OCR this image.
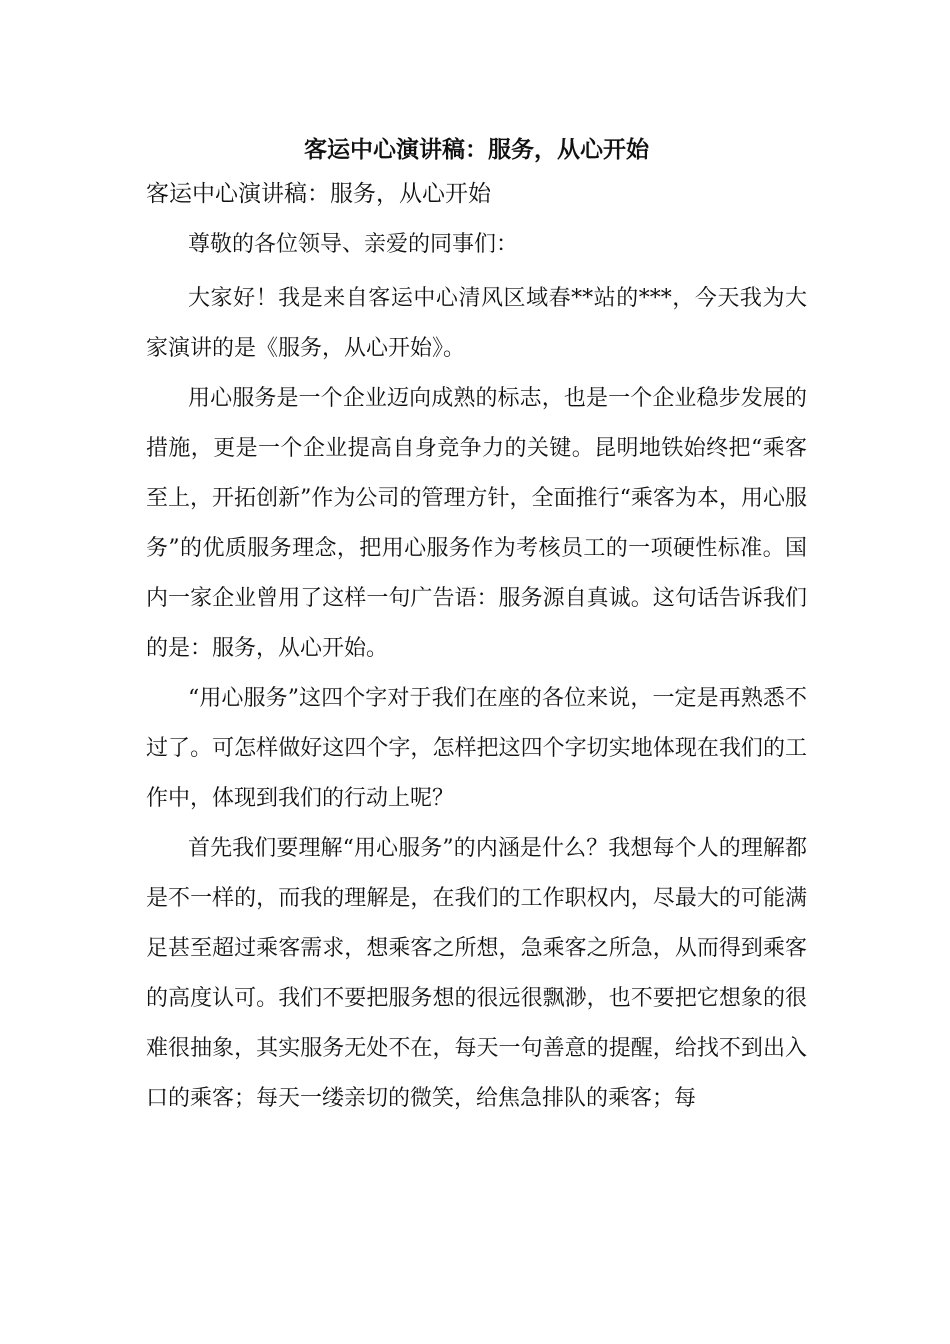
客运中心演讲稿：服务，从心开始

客运中心演讲稿：服务，从心开始

尊敬的各位领导、亲爱的同事们：

大家好！我是来自客运中心清风区域春**站的***，今天我为大家演讲的是《服务，从心开始》。

用心服务是一个企业迈向成熟的标志，也是一个企业稳步发展的措施，更是一个企业提高自身竞争力的关键。昆明地铁始终把“乘客至上，开拓创新”作为公司的管理方针，全面推行“乘客为本，用心服务”的优质服务理念，把用心服务作为考核员工的一项硬性标准。国内一家企业曾用了这样一句广告语：服务源自真诚。这句话告诉我们的是：服务，从心开始。

“用心服务”这四个字对于我们在座的各位来说，一定是再熟悉不过了。可怎样做好这四个字，怎样把这四个字切实地体现在我们的工作中，体现到我们的行动上呢？

首先我们要理解“用心服务”的内涵是什么？我想每个人的理解都是不一样的，而我的理解是，在我们的工作职权内，尽最大的可能满足甚至超过乘客需求，想乘客之所想，急乘客之所急，从而得到乘客的高度认可。我们不要把服务想的很远很飘渺，也不要把它想象的很难很抽象，其实服务无处不在，每天一句善意的提醒，给找不到出入口的乘客；每天一缕亲切的微笑，给焦急排队的乘客；每
